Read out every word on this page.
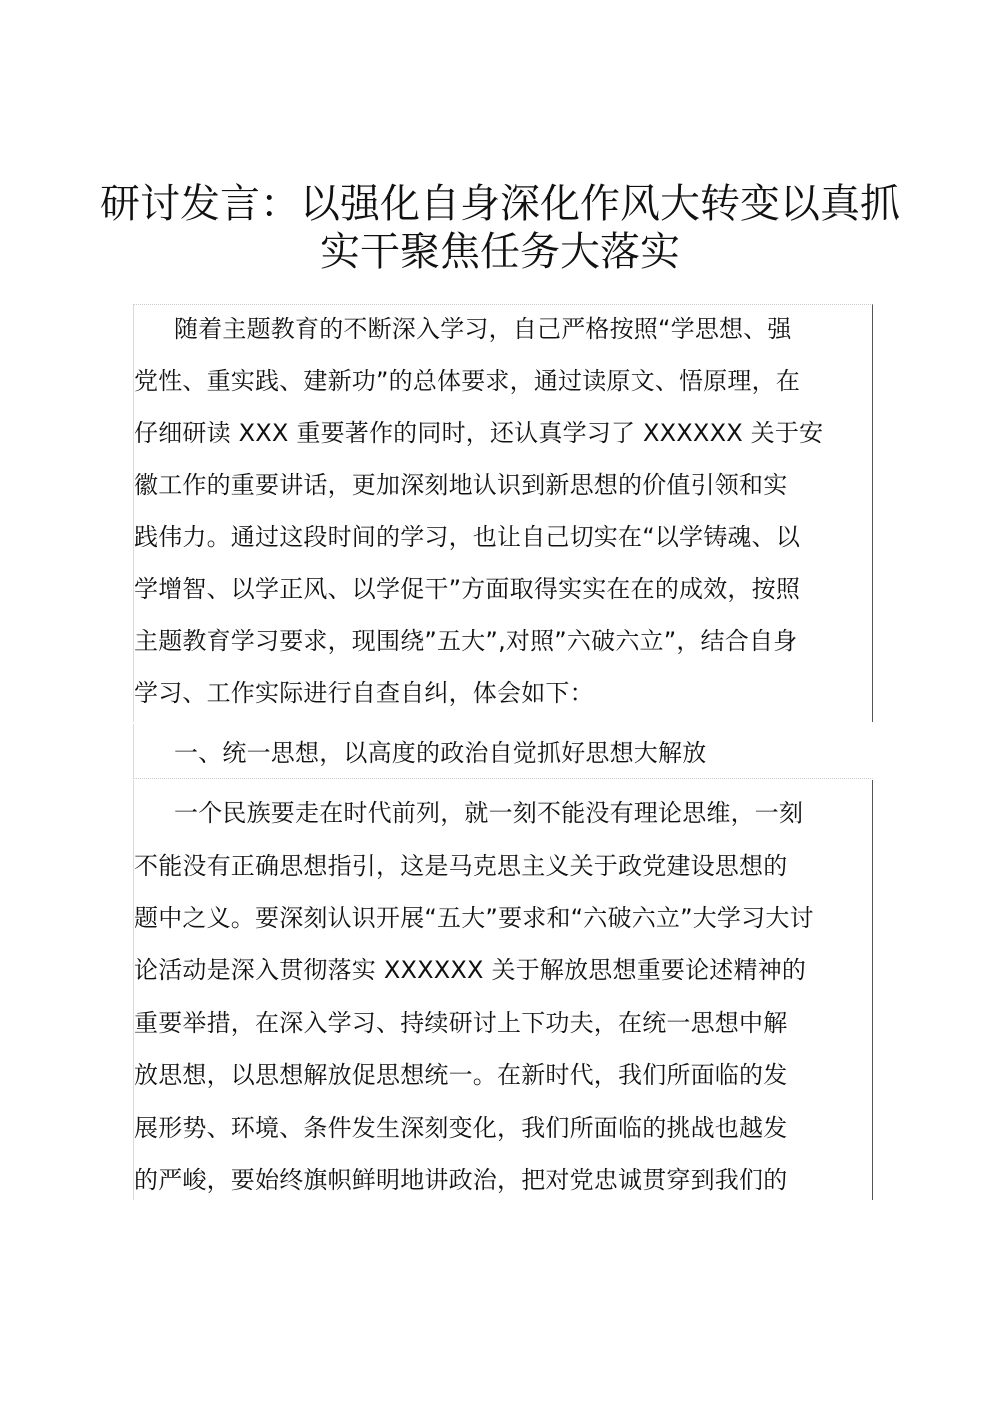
研讨发言：以强化自身深化作风大转变以真抓
实干聚焦任务大落实
随着主题教育的不断深入学习，自己严格按照“学思想、强
党性、重实践、建新功”的总体要求，通过读原文、悟原理，在
仔细研读 XXX 重要著作的同时，还认真学习了 XXXXXX 关于安
徽工作的重要讲话，更加深刻地认识到新思想的价值引领和实
践伟力。通过这段时间的学习，也让自己切实在“以学铸魂、以
学增智、以学正风、以学促干”方面取得实实在在的成效，按照
主题教育学习要求，现围绕”五大”,对照”六破六立”，结合自身
学习、工作实际进行自查自纠，体会如下：
一、统一思想，以高度的政治自觉抓好思想大解放
一个民族要走在时代前列，就一刻不能没有理论思维，一刻
不能没有正确思想指引，这是马克思主义关于政党建设思想的
题中之义。要深刻认识开展“五大”要求和“六破六立”大学习大讨
论活动是深入贯彻落实 XXXXXX 关于解放思想重要论述精神的
重要举措，在深入学习、持续研讨上下功夫，在统一思想中解
放思想，以思想解放促思想统一。在新时代，我们所面临的发
展形势、环境、条件发生深刻变化，我们所面临的挑战也越发
的严峻，要始终旗帜鲜明地讲政治，把对党忠诚贯穿到我们的
